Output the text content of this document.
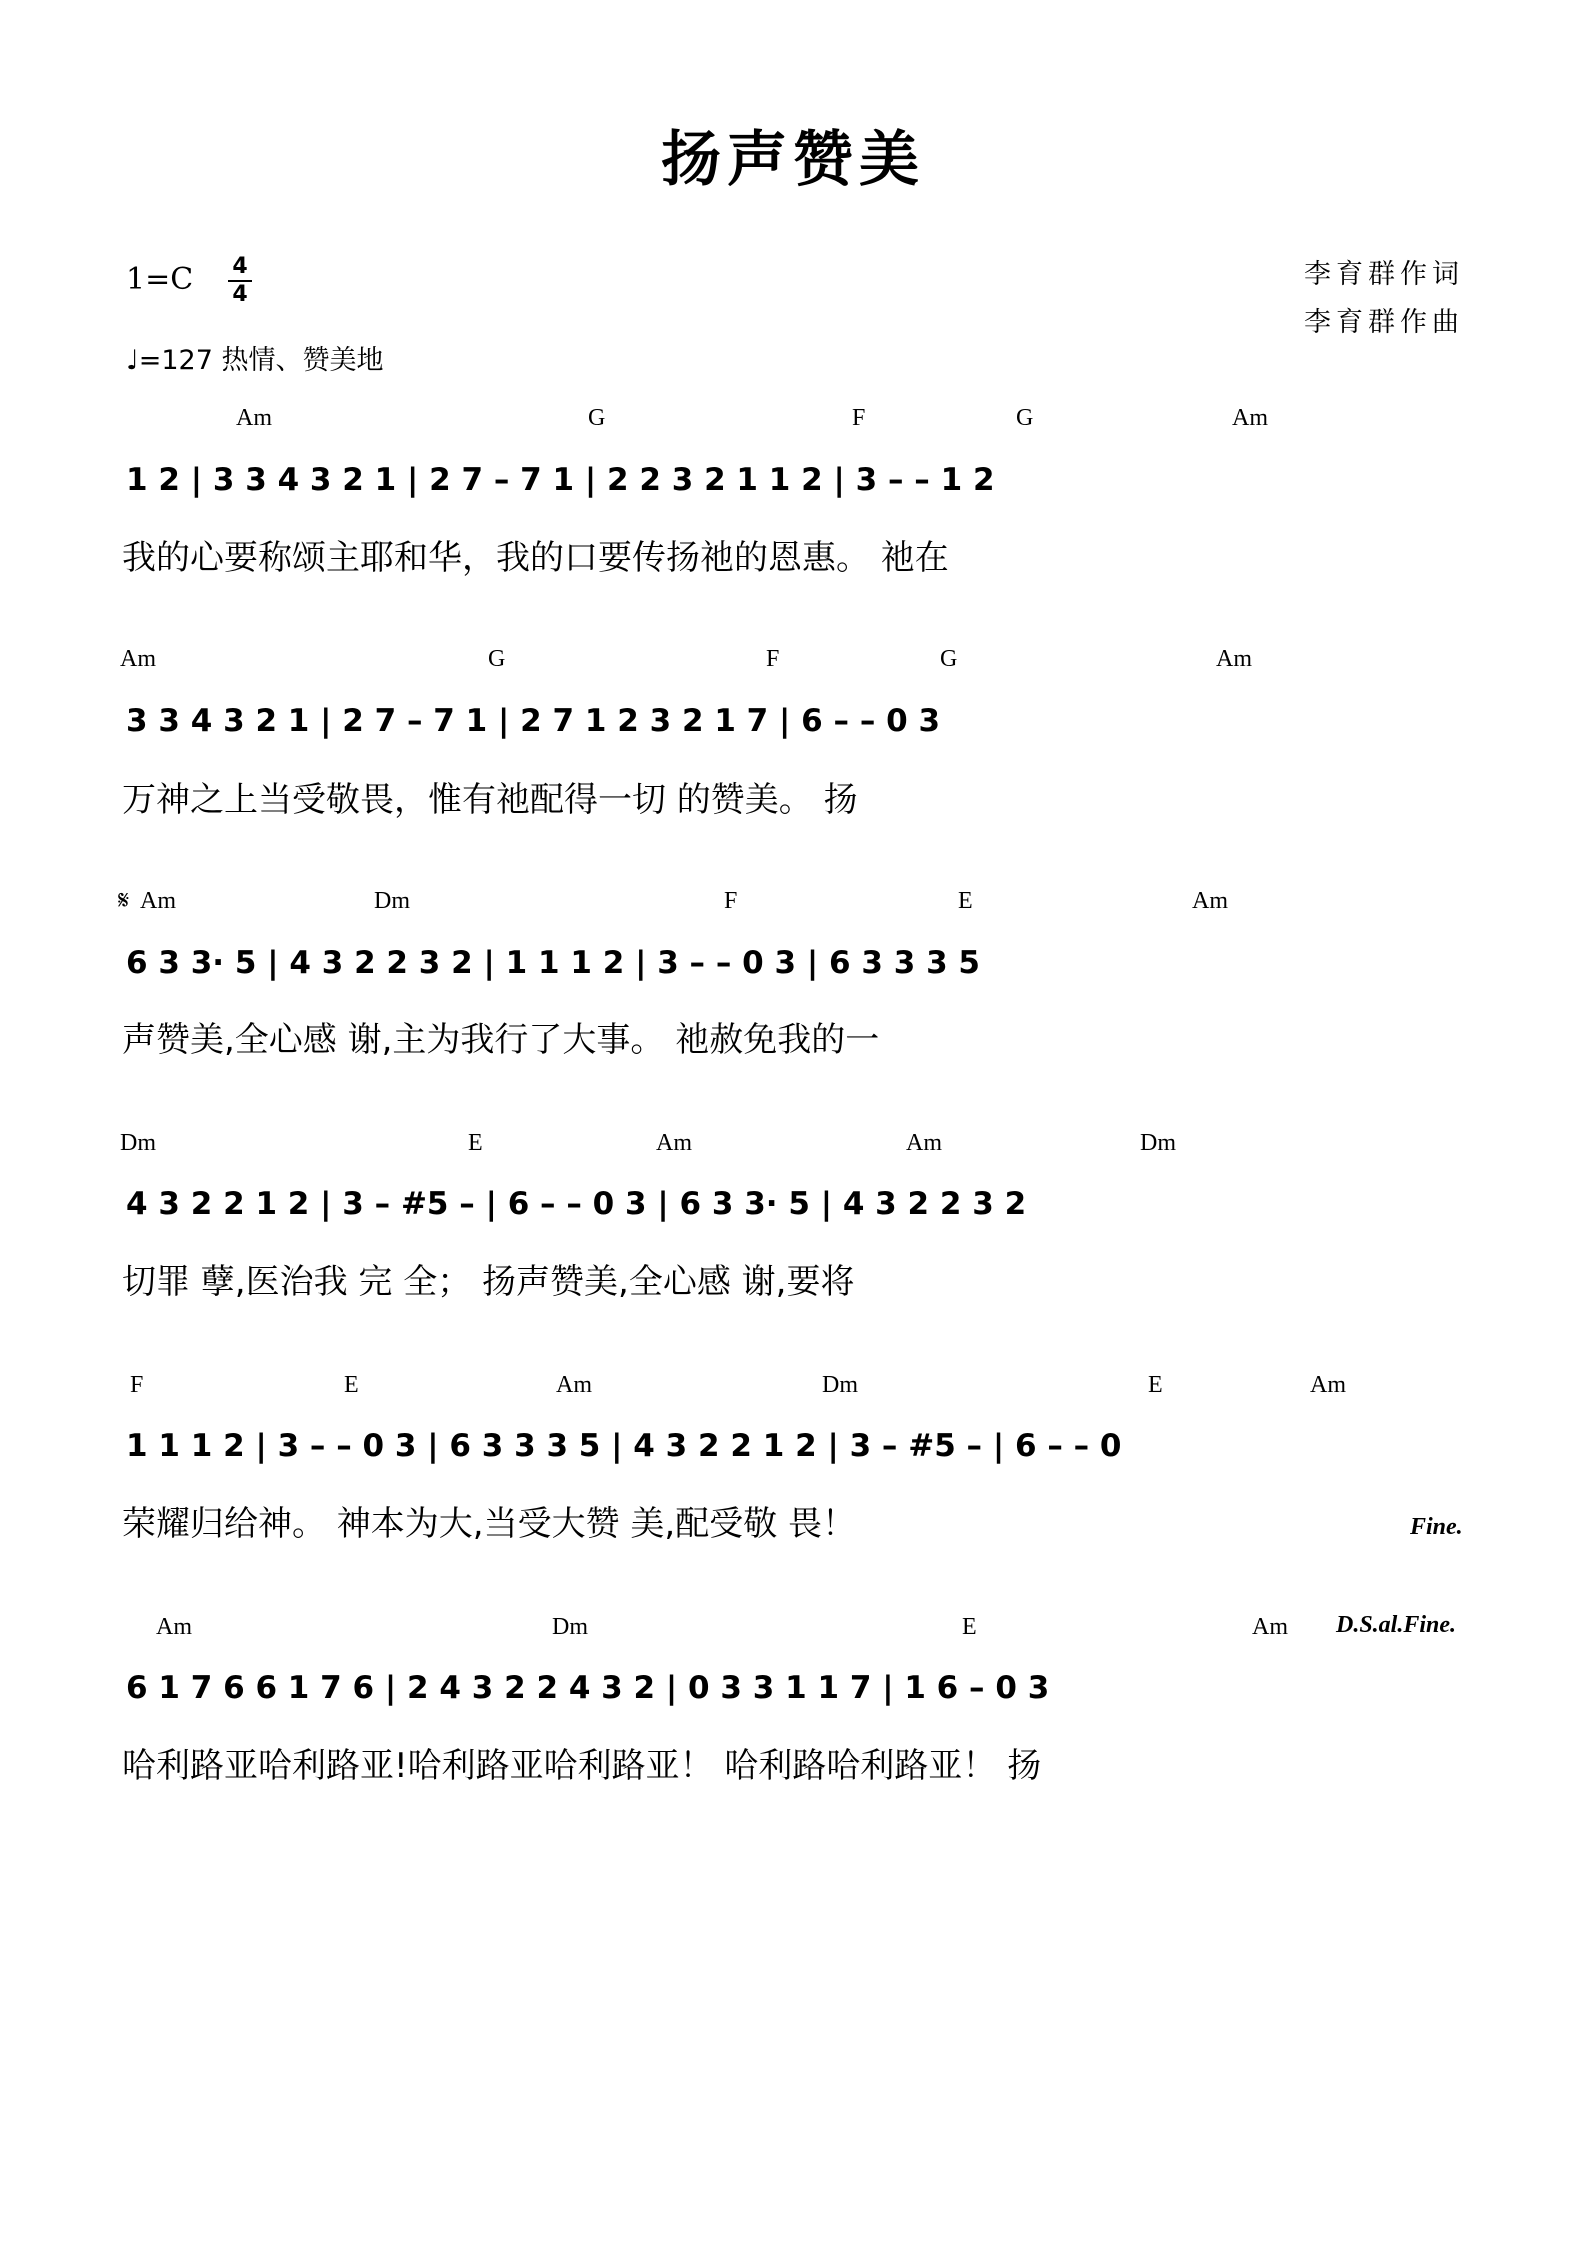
扬声赞美
$1=C \frac{4}{4}$
♩=127 热情、赞美地
李育群作词
李育群作曲
Am	G	F	G	Am
1 2 | 3 3 4 3 2 1 | 2 7 – 7 1 | 2 2 3 2 1 1 2 | 3 – – 1 2
我的心要称颂主耶和华，我的口要传扬祂的恩惠。 祂在
Am	G	F	G	Am
3 3 4 3 2 1 | 2 7 – 7 1 | 2 7 1 2 3 2 1 7 | 6 – – 0 3
万神之上当受敬畏，惟有祂配得一切 的赞美。 扬
𝄋 Am	Dm	F	E	Am
6 3 3· 5 | 4 3 2 2 3 2 | 1 1 1 2 | 3 – – 0 3 | 6 3 3 3 5
声赞美,全心感 谢,主为我行了大事。 祂赦免我的一
Dm	E	Am	Am	Dm
4 3 2 2 1 2 | 3 – #5 – | 6 – – 0 3 | 6 3 3· 5 | 4 3 2 2 3 2
切罪 孽,医治我 完 全； 扬声赞美,全心感 谢,要将
F	E	Am	Dm	E	Am
1 1 1 2 | 3 – – 0 3 | 6 3 3 3 5 | 4 3 2 2 1 2 | 3 – #5 – | 6 – – 0
荣耀归给神。 神本为大,当受大赞 美,配受敬 畏！	Fine.
Am	Dm	E	Am D.S.al.Fine.
6 1 7 6 6 1 7 6 | 2 4 3 2 2 4 3 2 | 0 3 3 1 1 7 | 1 6 – 0 3
哈利路亚哈利路亚!哈利路亚哈利路亚！ 哈利路哈利路亚！ 扬
